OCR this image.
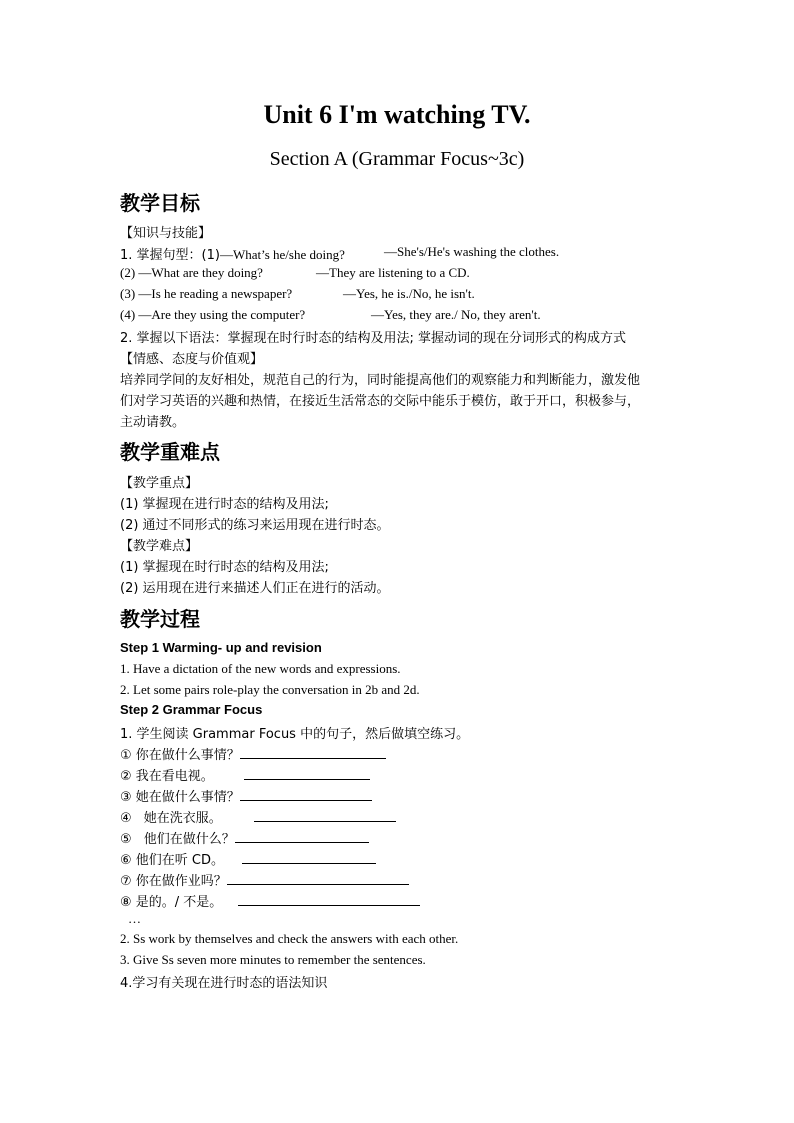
Unit 6 I'm watching TV.
Section A (Grammar Focus~3c)
教学目标
【知识与技能】
1. 掌握句型：(1)—What’s he/she doing?	—She's/He's washing the clothes.
(2) —What are they doing?	—They are listening to a CD.
(3) —Is he reading a newspaper?	—Yes, he is./No, he isn't.
(4) —Are they using the computer?	—Yes, they are./ No, they aren't.
2. 掌握以下语法：掌握现在时行时态的结构及用法; 掌握动词的现在分词形式的构成方式
【情感、态度与价值观】
培养同学间的友好相处，规范自己的行为，同时能提高他们的观察能力和判断能力，激发他
们对学习英语的兴趣和热情，在接近生活常态的交际中能乐于模仿，敢于开口，积极参与，
主动请教。
教学重难点
【教学重点】
(1) 掌握现在进行时态的结构及用法;
(2) 通过不同形式的练习来运用现在进行时态。
【教学难点】
(1) 掌握现在时行时态的结构及用法;
(2) 运用现在进行来描述人们正在进行的活动。
教学过程
Step 1 Warming- up and revision
1. Have a dictation of the new words and expressions.
2. Let some pairs role-play the conversation in 2b and 2d.
Step 2 Grammar Focus
1. 学生阅读 Grammar Focus 中的句子，然后做填空练习。
① 你在做什么事情？
② 我在看电视。
③ 她在做什么事情？
④ 她在洗衣服。
⑤ 他们在做什么？
⑥ 他们在听 CD。
⑦ 你在做作业吗？
⑧ 是的。/ 不是。
…
2. Ss work by themselves and check the answers with each other.
3. Give Ss seven more minutes to remember the sentences.
4.学习有关现在进行时态的语法知识
